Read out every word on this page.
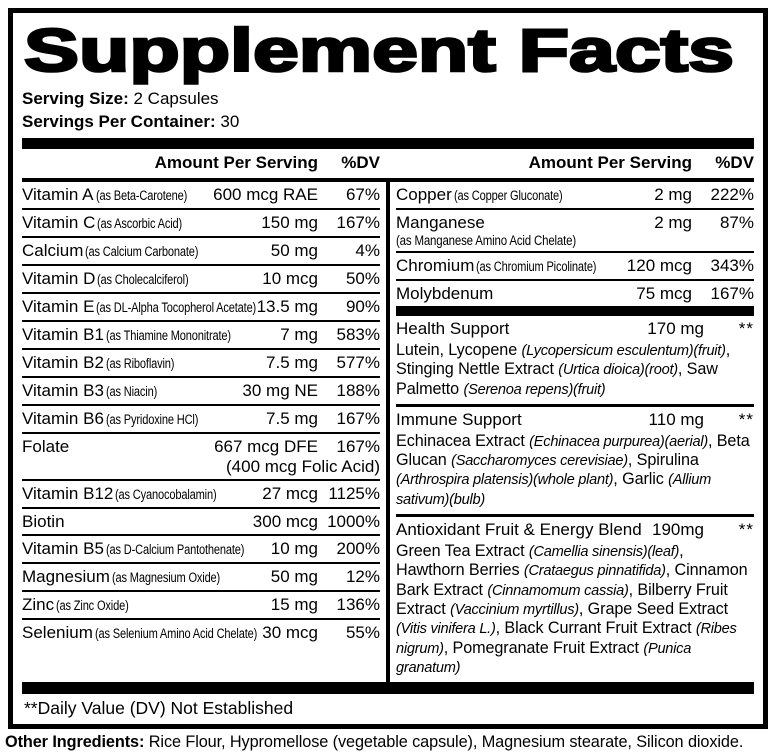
Supplement Facts
Serving Size: 2 Capsules
Servings Per Container: 30
Amount Per Serving	%DV	Amount Per Serving	%DV
Vitamin A (as Beta-Carotene)	600 mcg RAE	67%
Vitamin C (as Ascorbic Acid)	150 mg	167%
Calcium (as Calcium Carbonate)	50 mg	4%
Vitamin D (as Cholecalciferol)	10 mcg	50%
Vitamin E (as DL-Alpha Tocopherol Acetate) 13.5 mg	90%
Vitamin B1 (as Thiamine Mononitrate)	7 mg	583%
Vitamin B2 (as Riboflavin)	7.5 mg	577%
Vitamin B3 (as Niacin)	30 mg NE	188%
Vitamin B6 (as Pyridoxine HCl)	7.5 mg	167%
Folate	667 mcg DFE	167%
(400 mcg Folic Acid)
Vitamin B12 (as Cyanocobalamin)	27 mcg 1125%
Biotin	300 mcg 1000%
Vitamin B5 (as D-Calcium Pantothenate)	10 mg	200%
Magnesium (as Magnesium Oxide)	50 mg	12%
Zinc (as Zinc Oxide)	15 mg	136%
Selenium (as Selenium Amino Acid Chelate) 30 mcg	55%
Copper (as Copper Gluconate)	2 mg	222%
Manganese	2 mg	87%
(as Manganese Amino Acid Chelate)
Chromium (as Chromium Picolinate)	120 mcg	343%
Molybdenum	75 mcg	167%
Health Support	170 mg	**
Lutein, Lycopene (Lycopersicum esculentum)(fruit), Stinging Nettle Extract (Urtica dioica)(root), Saw Palmetto (Serenoa repens)(fruit)
Immune Support	110 mg	**
Echinacea Extract (Echinacea purpurea)(aerial), Beta Glucan (Saccharomyces cerevisiae), Spirulina (Arthrospira platensis)(whole plant), Garlic (Allium sativum)(bulb)
Antioxidant Fruit & Energy Blend 190mg	**
Green Tea Extract (Camellia sinensis)(leaf), Hawthorn Berries (Crataegus pinnatifida), Cinnamon Bark Extract (Cinnamomum cassia), Bilberry Fruit Extract (Vaccinium myrtillus), Grape Seed Extract (Vitis vinifera L.), Black Currant Fruit Extract (Ribes nigrum), Pomegranate Fruit Extract (Punica granatum)
**Daily Value (DV) Not Established
Other Ingredients: Rice Flour, Hypromellose (vegetable capsule), Magnesium stearate, Silicon dioxide.
